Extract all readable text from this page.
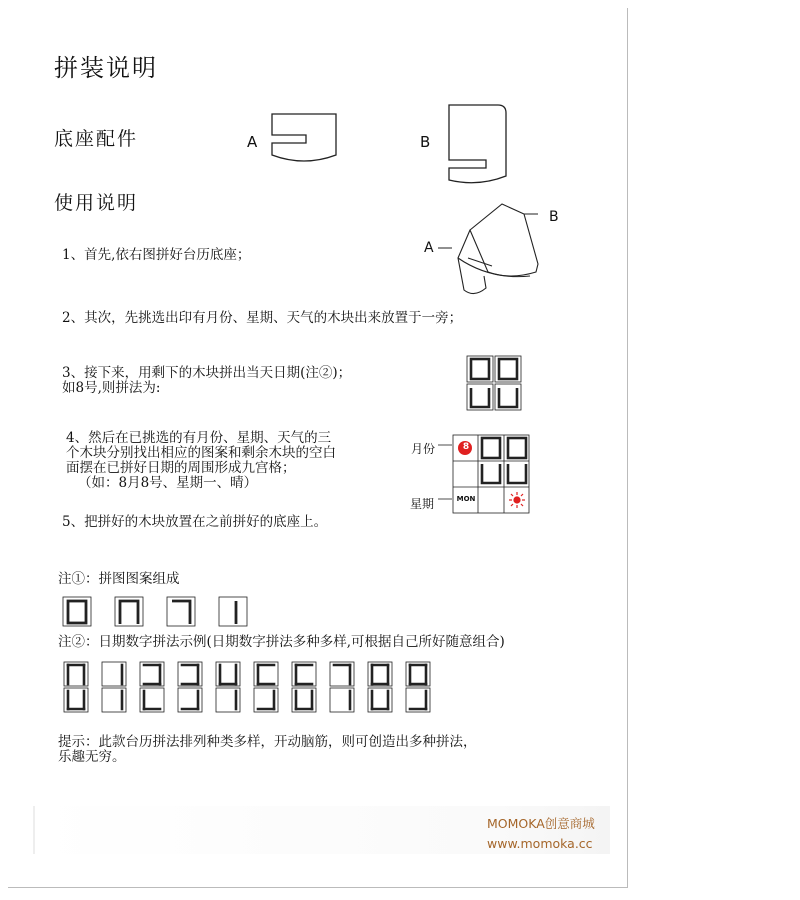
拼装说明
底座配件
使用说明
A	B
A
B
1、首先,依右图拼好台历底座；
2、其次，先挑选出印有月份、星期、天气的木块出来放置于一旁；
3、接下来，用剩下的木块拼出当天日期(注②)；
如8号,则拼法为:
4、然后在已挑选的有月份、星期、天气的三
个木块分别找出相应的图案和剩余木块的空白
面摆在已拼好日期的周围形成九宫格；
（如：8月8号、星期一、晴）
5、把拼好的木块放置在之前拼好的底座上。
月份
星期
8
MON
注①：拼图图案组成
注②：日期数字拼法示例(日期数字拼法多种多样,可根据自己所好随意组合)
提示：此款台历拼法排列种类多样，开动脑筋，则可创造出多种拼法，
乐趣无穷。
MOMOKA创意商城
www.momoka.cc
